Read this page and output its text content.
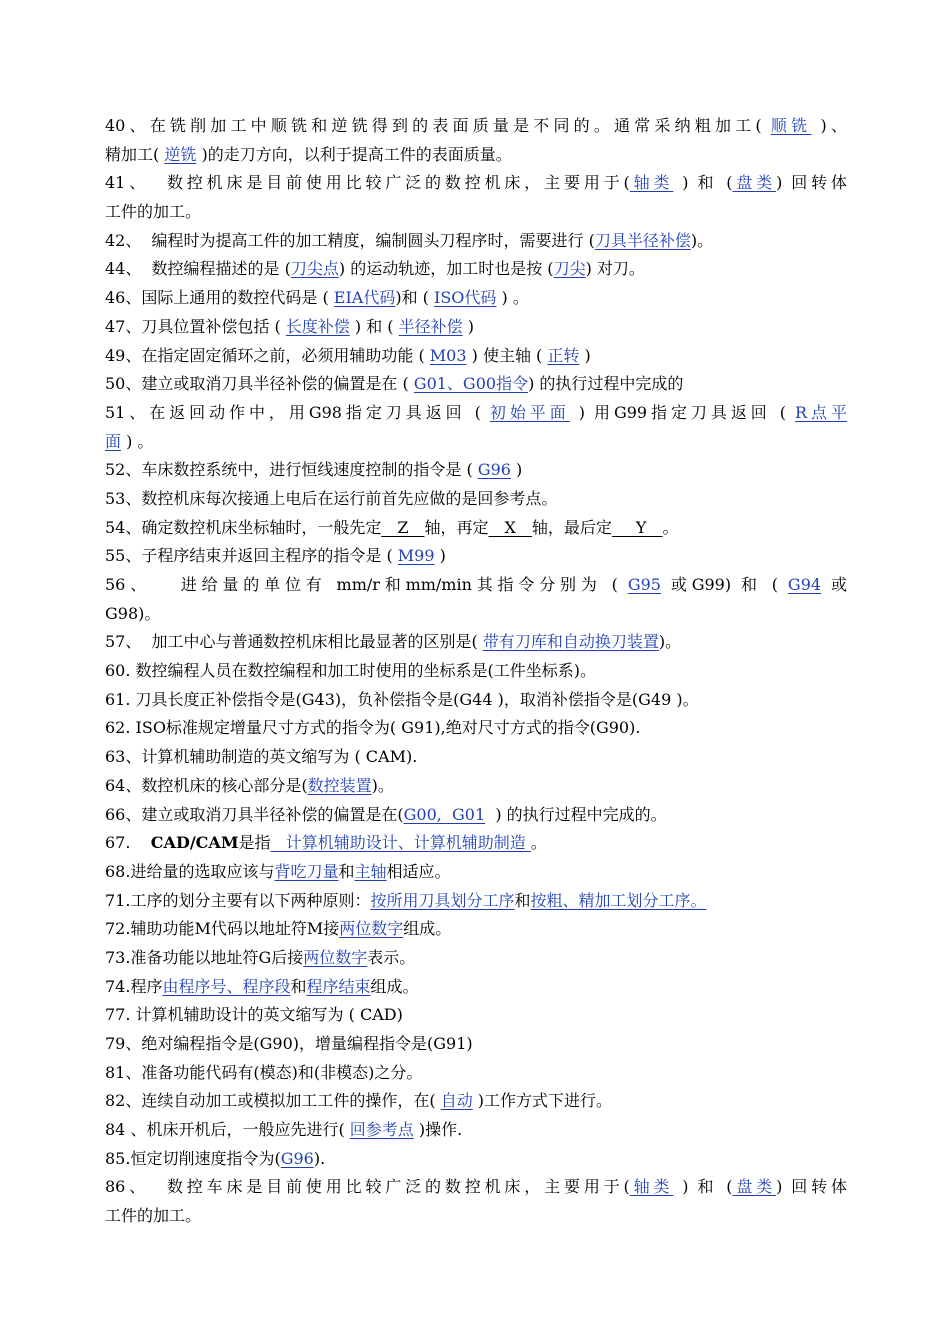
40、在铣削加工中顺铣和逆铣得到的表面质量是不同的。通常采纳粗加工( 顺铣 )、
精加工( 逆铣 )的走刀方向，以利于提高工件的表面质量。
41、  数控机床是目前使用比较广泛的数控机床，主要用于(轴类 ) 和 (盘类) 回转体
工件的加工。
42、  编程时为提高工件的加工精度，编制圆头刀程序时，需要进行 (刀具半径补偿)。
44、  数控编程描述的是 (刀尖点) 的运动轨迹，加工时也是按 (刀尖) 对刀。
46、国际上通用的数控代码是 ( EIA代码)和 ( ISO代码 ) 。
47、刀具位置补偿包括 ( 长度补偿 ) 和 ( 半径补偿 )
49、在指定固定循环之前，必须用辅助功能 ( M03 ) 使主轴 ( 正转 )
50、建立或取消刀具半径补偿的偏置是在 ( G01、G00指令) 的执行过程中完成的
51、在返回动作中，用G98指定刀具返回 ( 初始平面 ) 用G99指定刀具返回 ( R点平
面 ) 。
52、车床数控系统中，进行恒线速度控制的指令是 ( G96 )
53、数控机床每次接通上电后在运行前首先应做的是回参考点。
54、确定数控机床坐标轴时，一般先定__Z__轴，再定__X__轴，最后定___Y__。
55、子程序结束并返回主程序的指令是 ( M99 )
56、   进给量的单位有 mm/r和mm/min其指令分别为 ( G95 或G99) 和 ( G94 或
G98)。
57、  加工中心与普通数控机床相比最显著的区别是( 带有刀库和自动换刀装置)。
60. 数控编程人员在数控编程和加工时使用的坐标系是(工件坐标系)。
61. 刀具长度正补偿指令是(G43)，负补偿指令是(G44 )，取消补偿指令是(G49 )。
62. ISO标准规定增量尺寸方式的指令为( G91),绝对尺寸方式的指令(G90).
63、计算机辅助制造的英文缩写为 ( CAM).
64、数控机床的核心部分是(数控装置)。
66、建立或取消刀具半径补偿的偏置是在(G00,  G01  ) 的执行过程中完成的。
67.    CAD/CAM是指   计算机辅助设计、计算机辅助制造 。
68.进给量的选取应该与背吃刀量和主轴相适应。
71.工序的划分主要有以下两种原则：按所用刀具划分工序和按粗、精加工划分工序。
72.辅助功能M代码以地址符M接两位数字组成。
73.准备功能以地址符G后接两位数字表示。
74.程序由程序号、程序段和程序结束组成。
77. 计算机辅助设计的英文缩写为 ( CAD)
79、绝对编程指令是(G90)，增量编程指令是(G91)
81、准备功能代码有(模态)和(非模态)之分。
82、连续自动加工或模拟加工工件的操作，在( 自动 )工作方式下进行。
84 、机床开机后，一般应先进行( 回参考点 )操作.
85.恒定切削速度指令为(G96).
86、  数控车床是目前使用比较广泛的数控机床，主要用于(轴类 ) 和 (盘类) 回转体
工件的加工。
